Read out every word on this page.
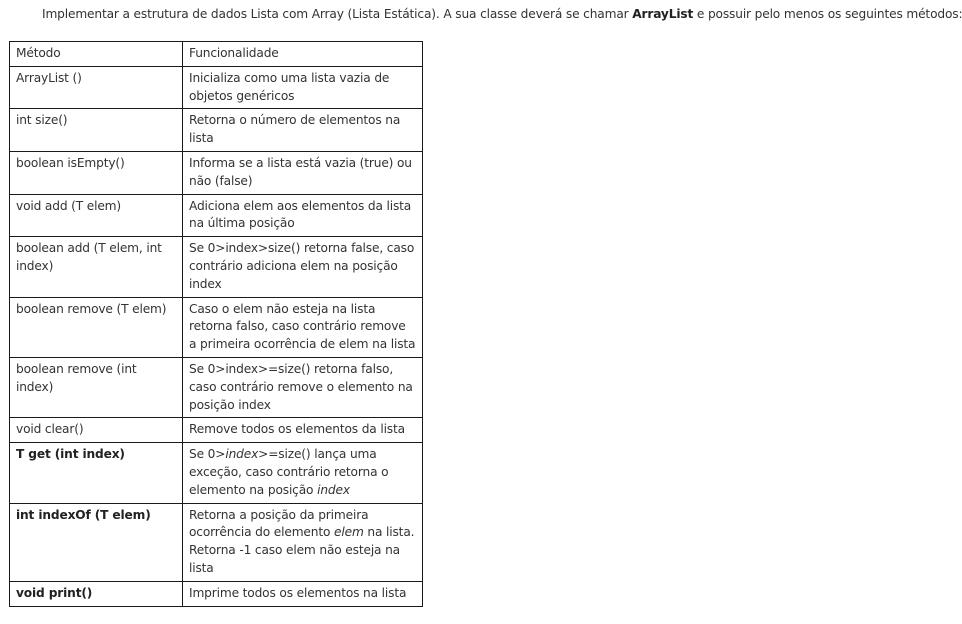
Implementar a estrutura de dados Lista com Array (Lista Estática). A sua classe deverá se chamar ArrayList e possuir pelo menos os seguintes métodos:
Método	Funcionalidade
ArrayList ()	Inicializa como uma lista vazia de objetos genéricos
int size()	Retorna o número de elementos na lista
boolean isEmpty()	Informa se a lista está vazia (true) ou não (false)
void add (T elem)	Adiciona elem aos elementos da lista na última posição
boolean add (T elem, int index)	Se 0>index>size() retorna false, caso contrário adiciona elem na posição index
boolean remove (T elem)	Caso o elem não esteja na lista retorna falso, caso contrário remove a primeira ocorrência de elem na lista
boolean remove (int index)	Se 0>index>=size() retorna falso, caso contrário remove o elemento na posição index
void clear()	Remove todos os elementos da lista
T get (int index)	Se 0>index>=size() lança uma exceção, caso contrário retorna o elemento na posição index
int indexOf (T elem)	Retorna a posição da primeira ocorrência do elemento elem na lista. Retorna -1 caso elem não esteja na lista
void print()	Imprime todos os elementos na lista
